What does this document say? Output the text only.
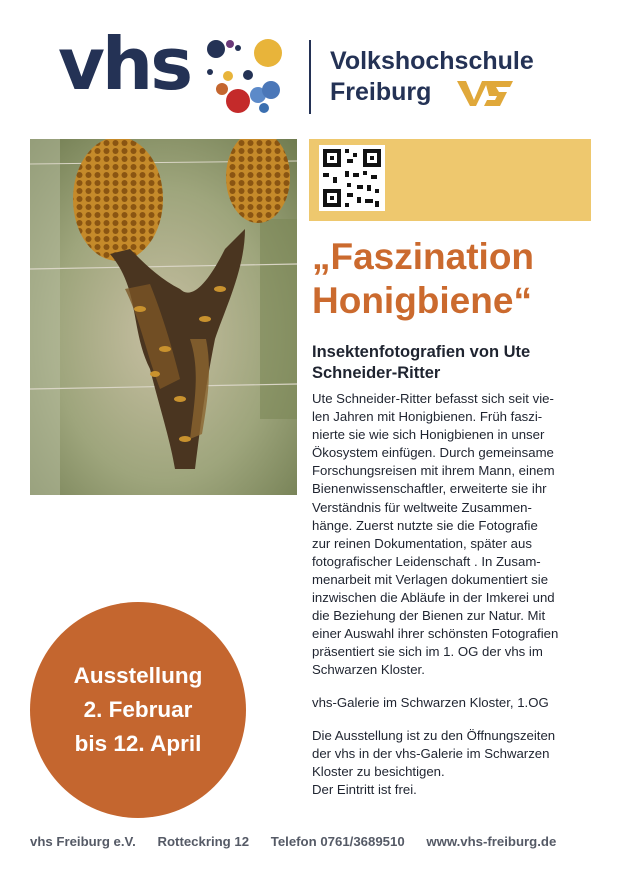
vhs	Volkshochschule
Freiburg
„Faszination
Honigbiene“
Insektenfotografien von Ute Schneider-Ritter
Ute Schneider-Ritter befasst sich seit vie-
len Jahren mit Honigbienen. Früh faszi-
nierte sie wie sich Honigbienen in unser
Ökosystem einfügen. Durch gemeinsame
Forschungsreisen mit ihrem Mann, einem
Bienenwissenschaftler, erweiterte sie ihr
Verständnis für weltweite Zusammen-
hänge. Zuerst nutzte sie die Fotografie
zur reinen Dokumentation, später aus
fotografischer Leidenschaft . In Zusam-
menarbeit mit Verlagen dokumentiert sie
inzwischen die Abläufe in der Imkerei und
die Beziehung der Bienen zur Natur. Mit
einer Auswahl ihrer schönsten Fotografien
präsentiert sie sich im 1. OG der vhs im
Schwarzen Kloster.
vhs-Galerie im Schwarzen Kloster, 1.OG
Die Ausstellung ist zu den Öffnungszeiten
der vhs in der vhs-Galerie im Schwarzen
Kloster zu besichtigen.
Der Eintritt ist frei.
Ausstellung
2. Februar
bis 12. April
vhs Freiburg e.V. Rotteckring 12 Telefon 0761/3689510 www.vhs-freiburg.de
